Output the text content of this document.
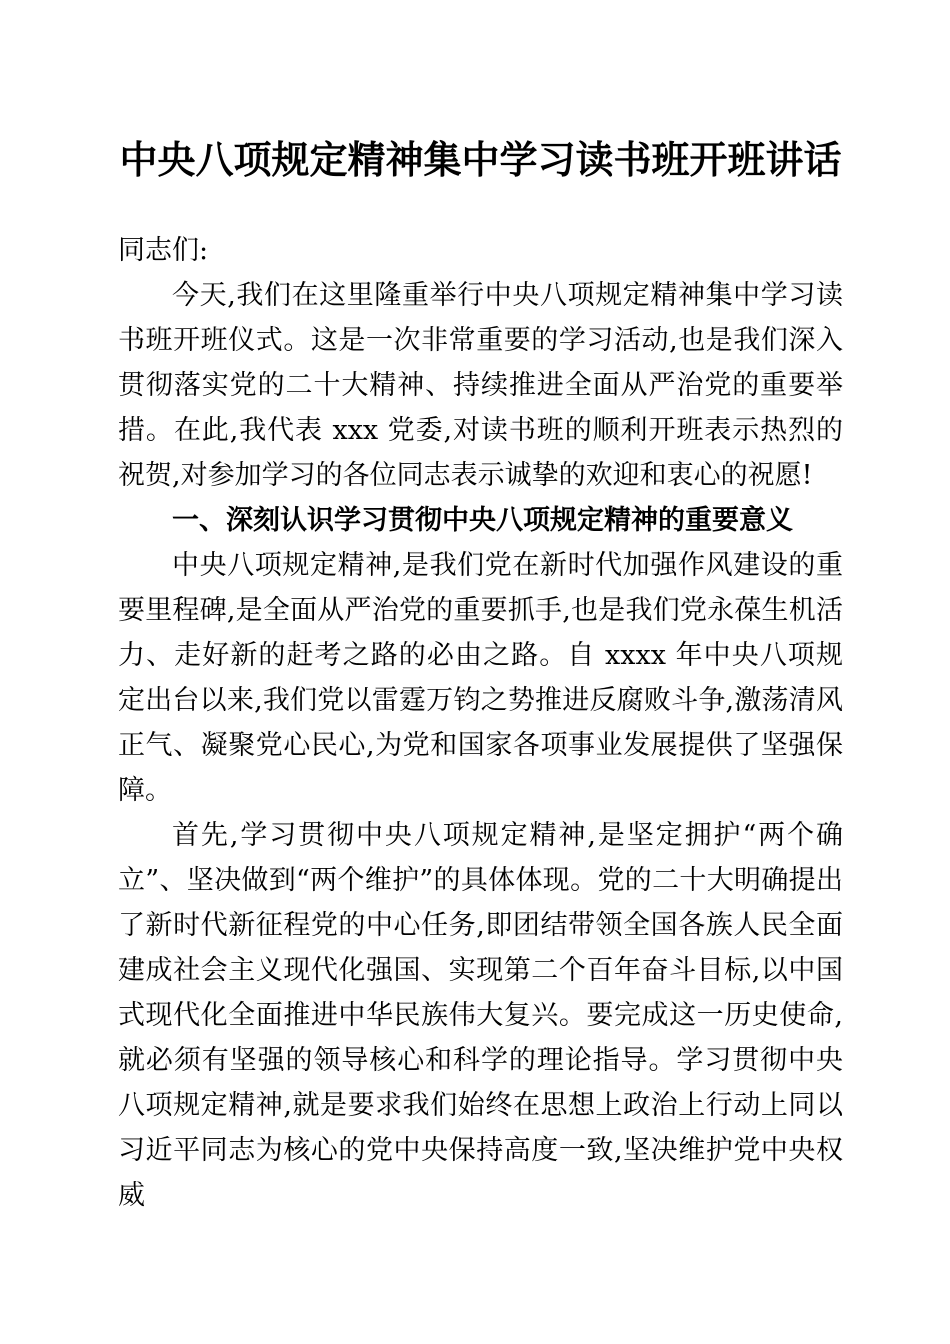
中央八项规定精神集中学习读书班开班讲话

同志们:

今天,我们在这里隆重举行中央八项规定精神集中学习读书班开班仪式。这是一次非常重要的学习活动,也是我们深入贯彻落实党的二十大精神、持续推进全面从严治党的重要举措。在此,我代表 xxx 党委,对读书班的顺利开班表示热烈的祝贺,对参加学习的各位同志表示诚挚的欢迎和衷心的祝愿!

一、深刻认识学习贯彻中央八项规定精神的重要意义

中央八项规定精神,是我们党在新时代加强作风建设的重要里程碑,是全面从严治党的重要抓手,也是我们党永葆生机活力、走好新的赶考之路的必由之路。自 xxxx 年中央八项规定出台以来,我们党以雷霆万钧之势推进反腐败斗争,激荡清风正气、凝聚党心民心,为党和国家各项事业发展提供了坚强保障。

首先,学习贯彻中央八项规定精神,是坚定拥护“两个确立”、坚决做到“两个维护”的具体体现。党的二十大明确提出了新时代新征程党的中心任务,即团结带领全国各族人民全面建成社会主义现代化强国、实现第二个百年奋斗目标,以中国式现代化全面推进中华民族伟大复兴。要完成这一历史使命,就必须有坚强的领导核心和科学的理论指导。学习贯彻中央八项规定精神,就是要求我们始终在思想上政治上行动上同以习近平同志为核心的党中央保持高度一致,坚决维护党中央权威
